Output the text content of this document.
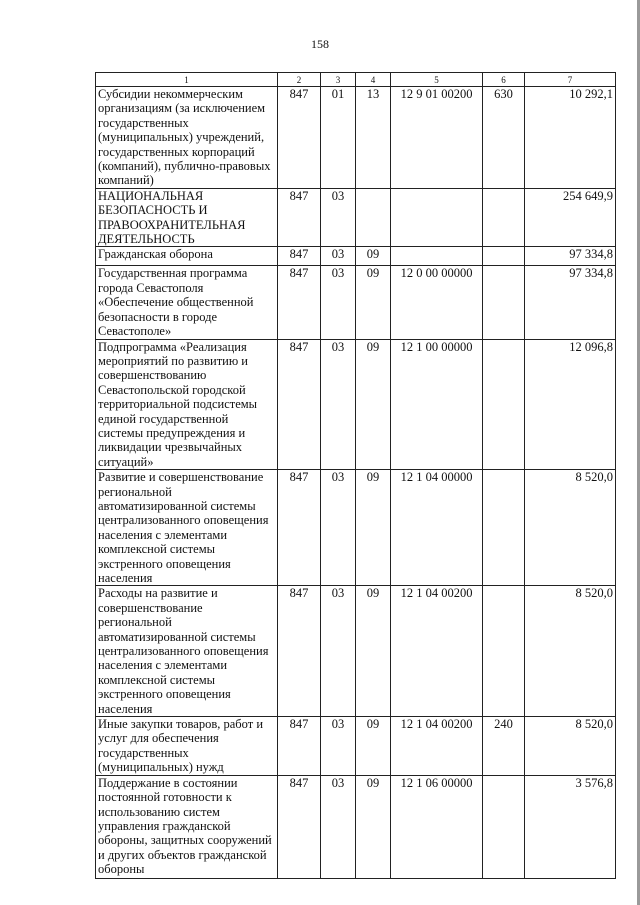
158
1	2	3	4	5	6	7
Субсидии некоммерческим организациям (за исключением государственных (муниципальных) учреждений, государственных корпораций (компаний), публично-правовых компаний)	847	01	13	12 9 01 00200	630	10 292,1
НАЦИОНАЛЬНАЯ БЕЗОПАСНОСТЬ И ПРАВООХРАНИТЕЛЬНАЯ ДЕЯТЕЛЬНОСТЬ	847	03				254 649,9
Гражданская оборона	847	03	09			97 334,8
Государственная программа города Севастополя «Обеспечение общественной безопасности в городе Севастополе»	847	03	09	12 0 00 00000		97 334,8
Подпрограмма «Реализация мероприятий по развитию и совершенствованию Севастопольской городской территориальной подсистемы единой государственной системы предупреждения и ликвидации чрезвычайных ситуаций»	847	03	09	12 1 00 00000		12 096,8
Развитие и совершенствование региональной автоматизированной системы централизованного оповещения населения с элементами комплексной системы экстренного оповещения населения	847	03	09	12 1 04 00000		8 520,0
Расходы на развитие и совершенствование региональной автоматизированной системы централизованного оповещения населения с элементами комплексной системы экстренного оповещения населения	847	03	09	12 1 04 00200		8 520,0
Иные закупки товаров, работ и услуг для обеспечения государственных (муниципальных) нужд	847	03	09	12 1 04 00200	240	8 520,0
Поддержание в состоянии постоянной готовности к использованию систем управления гражданской обороны, защитных сооружений и других объектов гражданской обороны	847	03	09	12 1 06 00000		3 576,8
